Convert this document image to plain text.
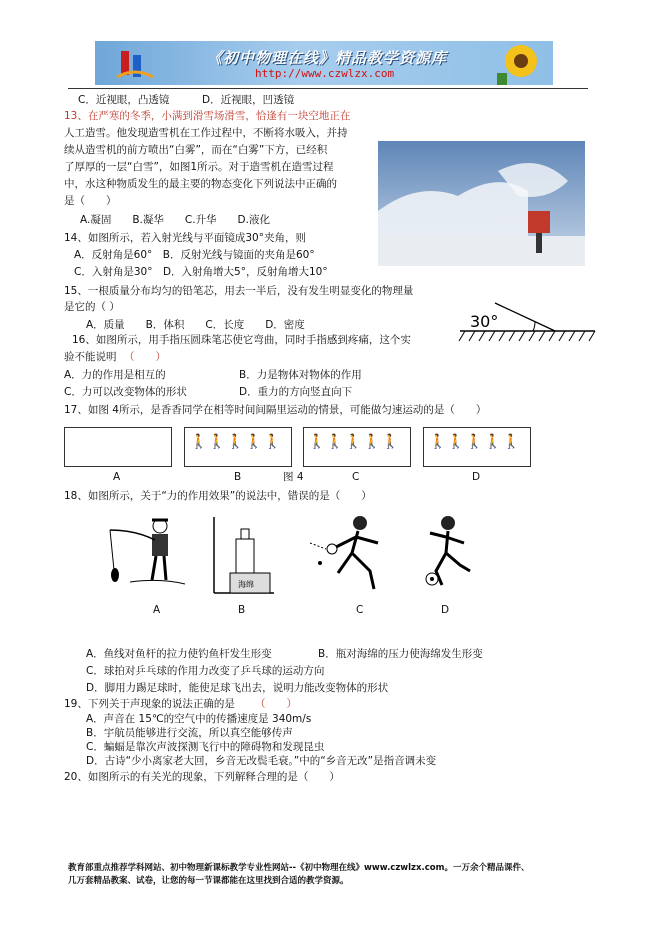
《初中物理在线》精品教学资源库
http://www.czwlzx.com
C．近视眼，凸透镜	D．近视眼，凹透镜
13、在严寒的冬季，小满到滑雪场滑雪，恰逢有一块空地正在
人工造雪。他发现造雪机在工作过程中，不断将水吸入，并持
续从造雪机的前方喷出“白雾”，而在“白雾”下方，已经积
了厚厚的一层“白雪”，如图1所示。对于造雪机在造雪过程
中，水这种物质发生的最主要的物态变化下列说法中正确的
是（　　）
A.凝固　　B.凝华　　C.升华　　D.液化
14、如图所示，若入射光线与平面镜成30°夹角，则
A．反射角是60°　B．反射光线与镜面的夹角是60°
C．入射角是30°　D．入射角增大5°，反射角增大10°
15、一根质量分布均匀的铅笔芯，用去一半后，没有发生明显变化的物理量
是它的（ ）
A．质量　　B．体积　　C．长度　　D．密度	30°
16、如图所示，用手指压圆珠笔芯使它弯曲，同时手指感到疼痛，这个实
验不能说明 （　　）
A．力的作用是相互的	B．力是物体对物体的作用
C．力可以改变物体的形状	D．重力的方向竖直向下
17、如图 4所示，是香香同学在相等时间间隔里运动的情景，可能做匀速运动的是（　　）
🚶🚶🚶🚶🚶 🚶🚶🚶🚶🚶 🚶🚶🚶🚶🚶
A	B	图 4	C	D
18、如图所示，关于“力的作用效果”的说法中，错误的是（　　）
海绵
A	B	C	D
A．鱼线对鱼杆的拉力使钓鱼杆发生形变	B．瓶对海绵的压力使海绵发生形变
C．球拍对乒乓球的作用力改变了乒乓球的运动方向
D．脚用力踢足球时，能使足球飞出去，说明力能改变物体的形状
19、下列关于声现象的说法正确的是 （　　）
A．声音在 15℃的空气中的传播速度是 340m/s
B．宇航员能够进行交流，所以真空能够传声
C．蝙蝠是靠次声波探测飞行中的障碍物和发现昆虫
D．古诗“少小离家老大回，乡音无改鬓毛衰。”中的“乡音无改”是指音调未变
20、如图所示的有关光的现象，下列解释合理的是（　　）
教育部重点推荐学科网站、初中物理新课标教学专业性网站--《初中物理在线》www.czwlzx.com。一万余个精品课件、
几万套精品教案、试卷，让您的每一节课都能在这里找到合适的教学资源。
